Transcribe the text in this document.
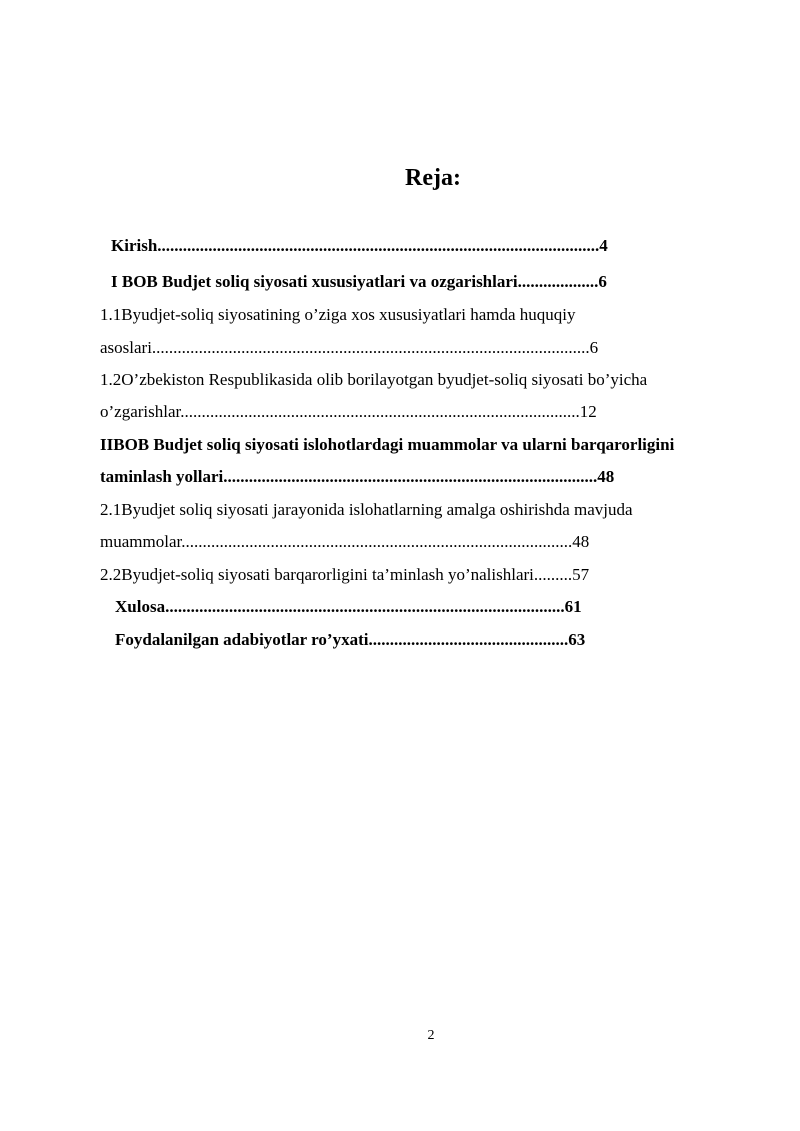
Reja:
Kirish........................................................................................................4
I BOB Budjet soliq siyosati xususiyatlari va ozgarishlari...................6
1.1Byudjet-soliq siyosatining o’ziga xos xususiyatlari hamda huquqiy
asoslari.......................................................................................................6
1.2O’zbekiston Respublikasida olib borilayotgan byudjet-soliq siyosati bo’yicha
o’zgarishlar..............................................................................................12
IIBOB Budjet soliq siyosati islohotlardagi muammolar va ularni barqarorligini
taminlash yollari........................................................................................48
2.1Byudjet soliq siyosati jarayonida islohatlarning amalga oshirishda mavjuda
muammolar............................................................................................48
2.2Byudjet-soliq siyosati barqarorligini ta’minlash yo’nalishlari.........57
Xulosa..............................................................................................61
Foydalanilgan adabiyotlar ro’yxati...............................................63
2
